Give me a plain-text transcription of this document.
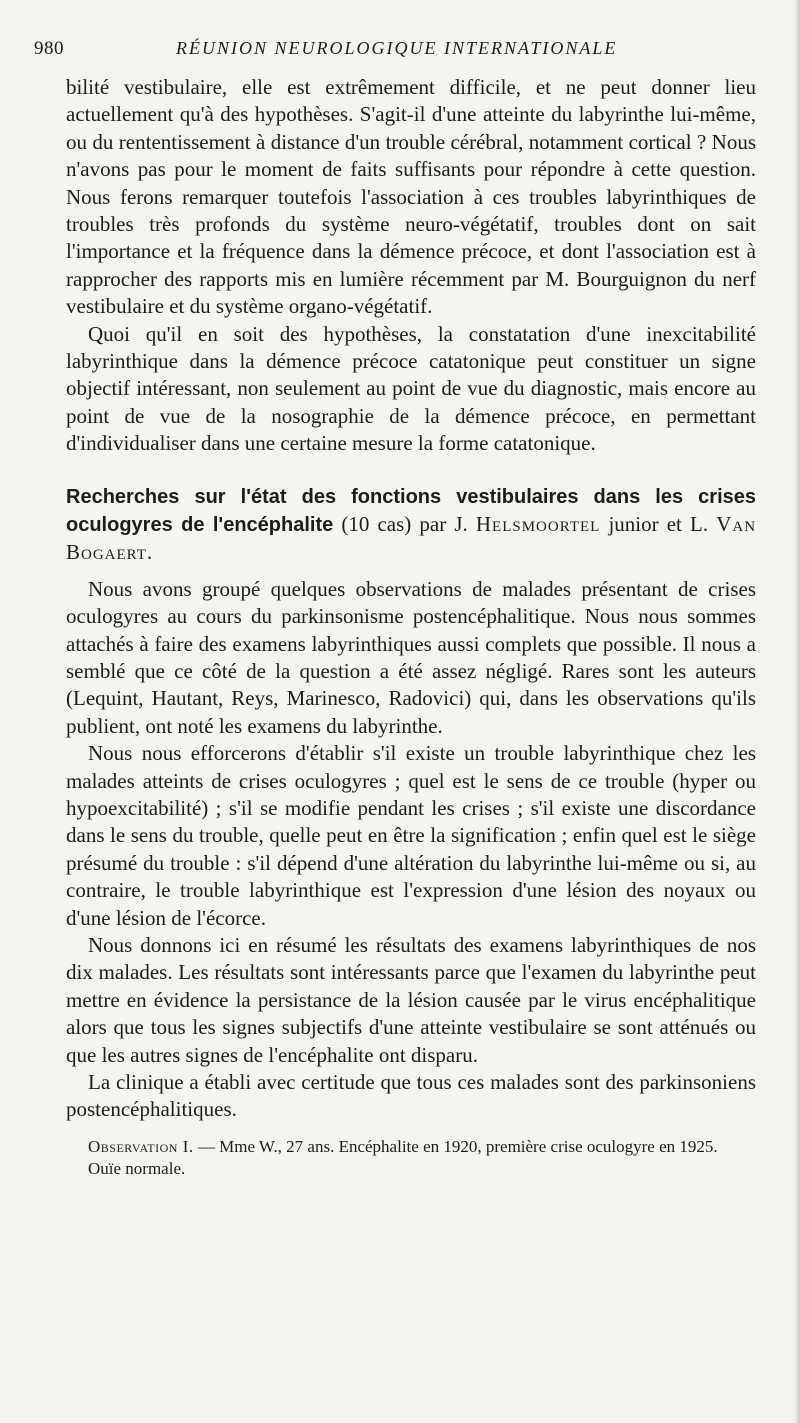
980	RÉUNION NEUROLOGIQUE INTERNATIONALE

bilité vestibulaire, elle est extrêmement difficile, et ne peut donner lieu actuellement qu'à des hypothèses. S'agit-il d'une atteinte du labyrinthe lui-même, ou du rententissement à distance d'un trouble cérébral, notamment cortical ? Nous n'avons pas pour le moment de faits suffisants pour répondre à cette question. Nous ferons remarquer toutefois l'association à ces troubles labyrinthiques de troubles très profonds du système neuro-végétatif, troubles dont on sait l'importance et la fréquence dans la démence précoce, et dont l'association est à rapprocher des rapports mis en lumière récemment par M. Bourguignon du nerf vestibulaire et du système organo-végétatif.

Quoi qu'il en soit des hypothèses, la constatation d'une inexcitabilité labyrinthique dans la démence précoce catatonique peut constituer un signe objectif intéressant, non seulement au point de vue du diagnostic, mais encore au point de vue de la nosographie de la démence précoce, en permettant d'individualiser dans une certaine mesure la forme catatonique.

Recherches sur l'état des fonctions vestibulaires dans les crises oculogyres de l'encéphalite (10 cas) par J. Helsmoortel junior et L. Van Bogaert.

Nous avons groupé quelques observations de malades présentant de crises oculogyres au cours du parkinsonisme postencéphalitique. Nous nous sommes attachés à faire des examens labyrinthiques aussi complets que possible. Il nous a semblé que ce côté de la question a été assez négligé. Rares sont les auteurs (Lequint, Hautant, Reys, Marinesco, Radovici) qui, dans les observations qu'ils publient, ont noté les examens du labyrinthe.

Nous nous efforcerons d'établir s'il existe un trouble labyrinthique chez les malades atteints de crises oculogyres ; quel est le sens de ce trouble (hyper ou hypoexcitabilité) ; s'il se modifie pendant les crises ; s'il existe une discordance dans le sens du trouble, quelle peut en être la signification ; enfin quel est le siège présumé du trouble : s'il dépend d'une altération du labyrinthe lui-même ou si, au contraire, le trouble labyrinthique est l'expression d'une lésion des noyaux ou d'une lésion de l'écorce.

Nous donnons ici en résumé les résultats des examens labyrinthiques de nos dix malades. Les résultats sont intéressants parce que l'examen du labyrinthe peut mettre en évidence la persistance de la lésion causée par le virus encéphalitique alors que tous les signes subjectifs d'une atteinte vestibulaire se sont atténués ou que les autres signes de l'encéphalite ont disparu.

La clinique a établi avec certitude que tous ces malades sont des parkinsoniens postencéphalitiques.

Observation I. — Mme W., 27 ans. Encéphalite en 1920, première crise oculogyre en 1925.

Ouïe normale.
